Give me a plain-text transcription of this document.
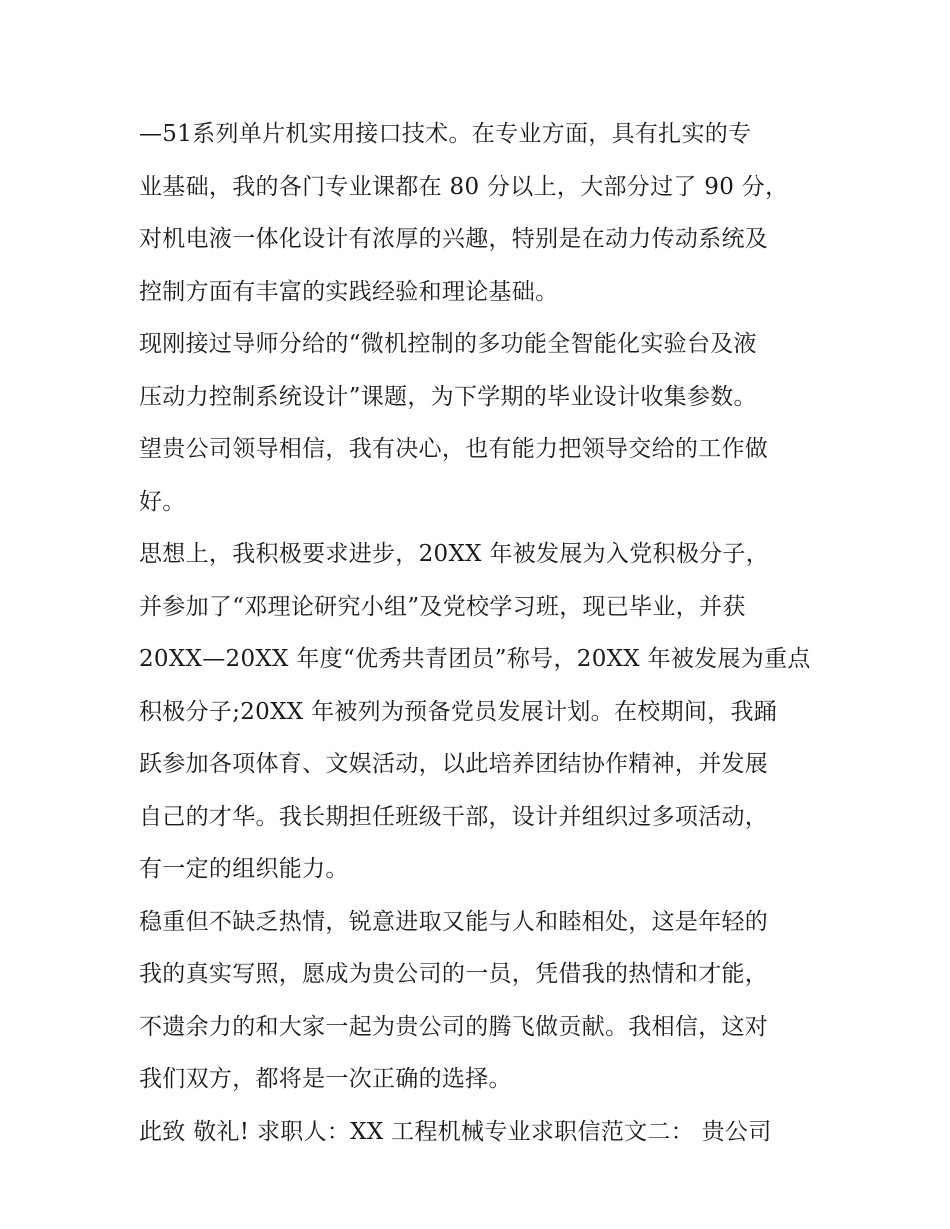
—51系列单片机实用接口技术。在专业方面，具有扎实的专
业基础，我的各门专业课都在 80 分以上，大部分过了 90 分，
对机电液一体化设计有浓厚的兴趣，特别是在动力传动系统及
控制方面有丰富的实践经验和理论基础。
现刚接过导师分给的“微机控制的多功能全智能化实验台及液
压动力控制系统设计”课题，为下学期的毕业设计收集参数。
望贵公司领导相信，我有决心，也有能力把领导交给的工作做
好。
思想上，我积极要求进步，20XX 年被发展为入党积极分子，
并参加了“邓理论研究小组”及党校学习班，现已毕业，并获
20XX—20XX 年度“优秀共青团员”称号，20XX 年被发展为重点
积极分子;20XX 年被列为预备党员发展计划。在校期间，我踊
跃参加各项体育、文娱活动，以此培养团结协作精神，并发展
自己的才华。我长期担任班级干部，设计并组织过多项活动，
有一定的组织能力。
稳重但不缺乏热情，锐意进取又能与人和睦相处，这是年轻的
我的真实写照，愿成为贵公司的一员，凭借我的热情和才能，
不遗余力的和大家一起为贵公司的腾飞做贡献。我相信，这对
我们双方，都将是一次正确的选择。
此致 敬礼! 求职人：XX 工程机械专业求职信范文二： 贵公司
